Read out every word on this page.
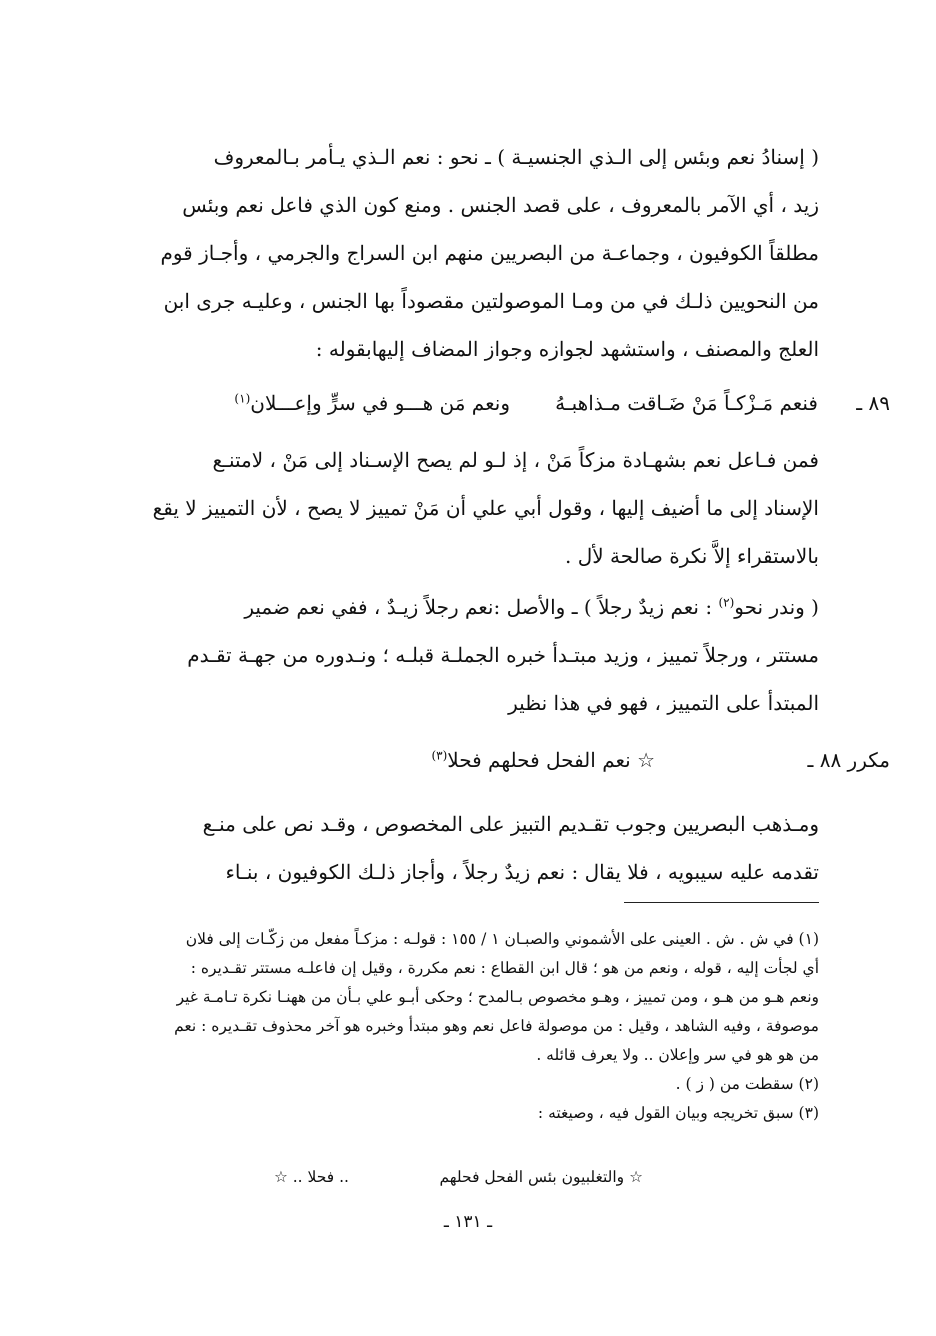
( إسنادُ نعم وبئس إلى الـذي الجنسيـة ) ـ نحو : نعم الـذي يـأمر بـالمعروف
زيد ، أي الآمر بالمعروف ، على قصد الجنس . ومنع كون الذي فاعل نعم وبئس
مطلقاً الكوفيون ، وجماعـة من البصريين منهم ابن السراج والجرمي ، وأجـاز قوم
من النحويين ذلـك في من ومـا الموصولتين مقصوداً بها الجنس ، وعليـه جرى ابن
العلج والمصنف ، واستشهد لجوازه وجواز المضاف إليهابقوله :
٨٩ ـ
فنعم مَـزْكـاً مَنْ ضَـاقت مـذاهبـهُ
ونعم مَن هـــو في سرٍّ وإعـــلان$^{(١)}$
فمن فـاعل نعم بشهـادة مزكاً مَنْ ، إذ لـو لم يصح الإسـناد إلى مَنْ ، لامتنـع
الإسناد إلى ما أضيف إليها ، وقول أبي علي أن مَنْ تمييز لا يصح ، لأن التمييز لا يقع
بالاستقراء إلاَّ نكرة صالحة لأل .
( وندر نحو$^{(٢)}$ : نعم زيدٌ رجلاً ) ـ والأصل :نعم رجلاً زيـدٌ ، ففي نعم ضمير
مستتر ، ورجلاً تمييز ، وزيد مبتـدأ خبره الجملـة قبلـه ؛ ونـدوره من جهـة تقـدم
المبتدأ على التمييز ، فهو في هذا نظير
مكرر ٨٨ ـ
☆ نعم الفحل فحلهم فحلا$^{(٣)}$
ومـذهب البصريين وجوب تقـديم التبيز على المخصوص ، وقـد نص على منـع
تقدمه عليه سيبويه ، فلا يقال : نعم زيدٌ رجلاً ، وأجاز ذلـك الكوفيون ، بنـاء
(١) في ش . ش . العينى على الأشموني والصبـان ١ / ١٥٥ : قولـه : مزكـاً مفعل من زكّـات إلى فلان
أي لجأت إليه ، قوله ، ونعم من هو ؛ قال ابن القطاع : نعم مكررة ، وقيل إن فاعلـه مستتر تقـديره :
ونعم هـو من هـو ، ومن تمييز ، وهـو مخصوص بـالمدح ؛ وحكى أبـو علي بـأن من ههنـا نكرة تـامـة غير
موصوفة ، وفيه الشاهد ، وقيل : من موصولة فاعل نعم وهو مبتدأ وخبره هو آخر محذوف تقـديره : نعم
من هو هو في سر وإعلان .. ولا يعرف قائله .
(٢) سقطت من ( ز ) .
(٣) سبق تخريجه وبيان القول فيه ، وصيغته :
☆ والتغلبيون بئس الفحل فحلهم
.. فحلا .. ☆
ـ ١٣١ ـ
